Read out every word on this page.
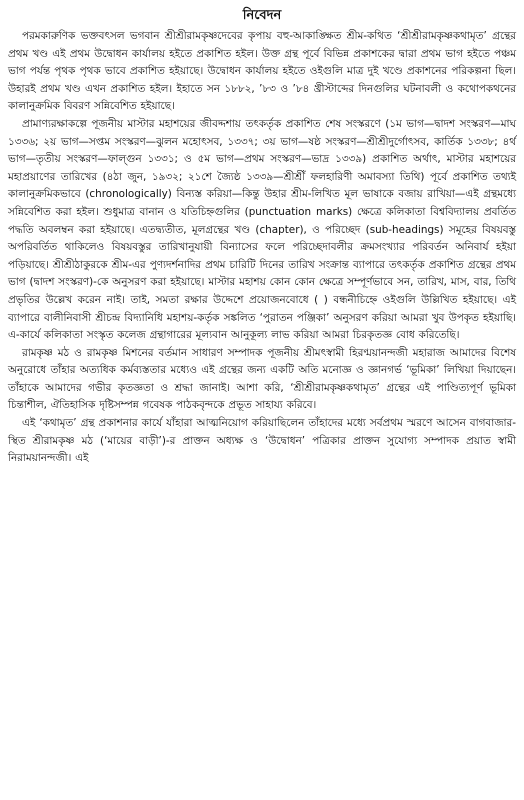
নিবেদন

পরমকারুণিক ভক্তবৎসল ভগবান শ্রীশ্রীরামকৃষ্ণদেবের কৃপায় বহু-আকাঙ্ক্ষিত শ্রীম-কথিত ‘শ্রীশ্রীরামকৃষ্ণকথামৃত’ গ্রন্থের প্রথম খণ্ড এই প্রথম উদ্বোধন কার্যালয় হইতে প্রকাশিত হইল। উক্ত গ্রন্থ পূর্বে বিভিন্ন প্রকাশকের দ্বারা প্রথম ভাগ হইতে পঞ্চম ভাগ পর্যন্ত পৃথক পৃথক ভাবে প্রকাশিত হইয়াছে। উদ্বোধন কার্যালয় হইতে ওইগুলি মাত্র দুই খণ্ডে প্রকাশনের পরিকল্পনা ছিল। উহারই প্রথম খণ্ড এখন প্রকাশিত হইল। ইহাতে সন ১৮৮২, ’৮৩ ও ’৮৪ খ্রীস্টাব্দের দিনগুলির ঘটনাবলী ও কথোপকথনের কালানুক্রমিক বিবরণ সন্নিবেশিত হইয়াছে।

প্রামাণ্যরক্ষাকল্পে পূজনীয় মাস্টার মহাশয়ের জীবদ্দশায় তৎকর্তৃক প্রকাশিত শেষ সংস্করণে (১ম ভাগ—দ্বাদশ সংস্করণ—মাঘ ১৩৩৬; ২য় ভাগ—সপ্তম সংস্করণ—ঝুলন মহোৎসব, ১৩৩৭; ৩য় ভাগ—ষষ্ঠ সংস্করণ—শ্রীশ্রীদুর্গোৎসব, কার্তিক ১৩৩৮; ৪র্থ ভাগ—তৃতীয় সংস্করণ—ফাল্গুন ১৩৩১; ও ৫ম ভাগ—প্রথম সংস্করণ—ভাদ্র ১৩৩৯) প্রকাশিত অর্থাৎ, মাস্টার মহাশয়ের মহাপ্রয়াণের তারিখের (৪ঠা জুন, ১৯৩২; ২১শে জ্যৈষ্ঠ ১৩৩৯—শ্রীশ্রীঁ ফলহারিণী অমাবস্যা তিথি) পূর্বে প্রকাশিত তথ্যই কালানুক্রমিকভাবে (chronologically) বিন্যস্ত করিয়া—কিন্তু উহার শ্রীম-লিখিত মূল ভাষাকে বজায় রাখিয়া—এই গ্রন্থমধ্যে সন্নিবেশিত করা হইল। শুধুমাত্র বানান ও যতিচিহ্নগুলির (punctuation marks) ক্ষেত্রে কলিকাতা বিশ্ববিদ্যালয় প্রবর্তিত পদ্ধতি অবলম্বন করা হইয়াছে। এতদ্ব্যতীত, মূলগ্রন্থের খণ্ড (chapter), ও পরিচ্ছেদ (sub-headings) সমূহের বিষয়বস্তু অপরিবর্তিত থাকিলেও বিষয়বস্তুর তারিখানুযায়ী বিন্যাসের ফলে পরিচ্ছেদাবলীর ক্রমসংখ্যার পরিবর্তন অনিবার্য হইয়া পড়িয়াছে। শ্রীশ্রীঠাকুরকে শ্রীম-এর পুণ্যদর্শনাদির প্রথম চারিটি দিনের তারিখ সংক্রান্ত ব্যাপারে তৎকর্তৃক প্রকাশিত গ্রন্থের প্রথম ভাগ (দ্বাদশ সংস্করণ)-কে অনুসরণ করা হইয়াছে। মাস্টার মহাশয় কোন কোন ক্ষেত্রে সম্পূর্ণভাবে সন, তারিখ, মাস, বার, তিথি প্রভৃতির উল্লেখ করেন নাই। তাই, সমতা রক্ষার উদ্দেশে প্রয়োজনবোধে ( ) বন্ধনীচিহ্নে ওইগুলি উল্লিখিত হইয়াছে। এই ব্যাপারে বালীনিবাসী শ্রীচন্দ্র বিদ্যানিধি মহাশয়-কর্তৃক সঙ্কলিত ‘পুরাতন পঞ্জিকা’ অনুসরণ করিয়া আমরা খুব উপকৃত হইয়াছি। এ-কার্যে কলিকাতা সংস্কৃত কলেজ গ্রন্থাগারের মূল্যবান আনুকূল্য লাভ করিয়া আমরা চিরকৃতজ্ঞ বোধ করিতেছি।

রামকৃষ্ণ মঠ ও রামকৃষ্ণ মিশনের বর্তমান সাধারণ সম্পাদক পূজনীয় শ্রীমৎস্বামী হিরণ্ময়ানন্দজী মহারাজ আমাদের বিশেষ অনুরোধে তাঁহার অত্যধিক কর্মব্যস্ততার মধ্যেও এই গ্রন্থের জন্য একটি অতি মনোজ্ঞ ও জ্ঞানগর্ভ ‘ভূমিকা’ লিখিয়া দিয়াছেন। তাঁহাকে আমাদের গভীর কৃতজ্ঞতা ও শ্রদ্ধা জানাই। আশা করি, ‘শ্রীশ্রীরামকৃষ্ণকথামৃত’ গ্রন্থের এই পাণ্ডিত্যপূর্ণ ভূমিকা চিন্তাশীল, ঐতিহাসিক দৃষ্টিসম্পন্ন গবেষক পাঠকবৃন্দকে প্রভূত সাহায্য করিবে।

এই ‘কথামৃত’ গ্রন্থ প্রকাশনার কার্যে যাঁহারা আত্মনিয়োগ করিয়াছিলেন তাঁহাদের মধ্যে সর্বপ্রথম স্মরণে আসেন বাগবাজার-স্থিত শ্রীরামকৃষ্ণ মঠ (‘মায়ের বাড়ী’)-র প্রাক্তন অধ্যক্ষ ও ‘উদ্বোধন’ পত্রিকার প্রাক্তন সুযোগ্য সম্পাদক প্রয়াত স্বামী নিরাময়ানন্দজী। এই
